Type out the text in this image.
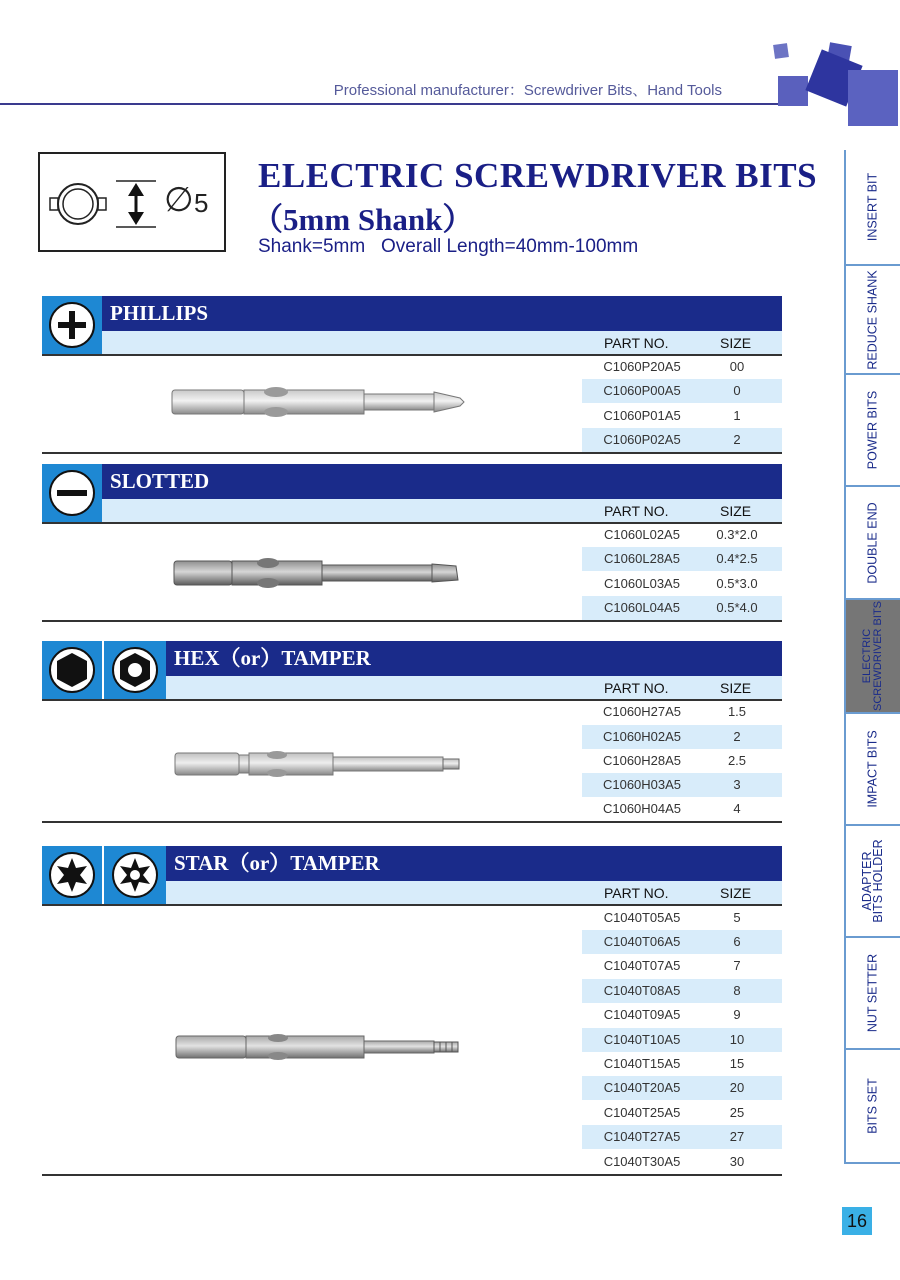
Professional manufacturer：Screwdriver Bits、Hand Tools
∅ 5
ELECTRIC SCREWDRIVER BITS
（5mm Shank）
Shank=5mm   Overall Length=40mm-100mm
PHILLIPS
PART NO.	SIZE
C1060P20A5	00
C1060P00A5	0
C1060P01A5	1
C1060P02A5	2
SLOTTED
PART NO.	SIZE
C1060L02A5	0.3*2.0
C1060L28A5	0.4*2.5
C1060L03A5	0.5*3.0
C1060L04A5	0.5*4.0
HEX（or）TAMPER
PART NO.	SIZE
C1060H27A5	1.5
C1060H02A5	2
C1060H28A5	2.5
C1060H03A5	3
C1060H04A5	4
STAR（or）TAMPER
PART NO.	SIZE
C1040T05A5	5
C1040T06A5	6
C1040T07A5	7
C1040T08A5	8
C1040T09A5	9
C1040T10A5	10
C1040T15A5	15
C1040T20A5	20
C1040T25A5	25
C1040T27A5	27
C1040T30A5	30
INSERT BIT
REDUCE SHANK
POWER BITS
DOUBLE END
ELECTRIC
SCREWDRIVER BITS
IMPACT BITS
ADAPTER
BITS HOLDER
NUT SETTER
BITS SET
16
